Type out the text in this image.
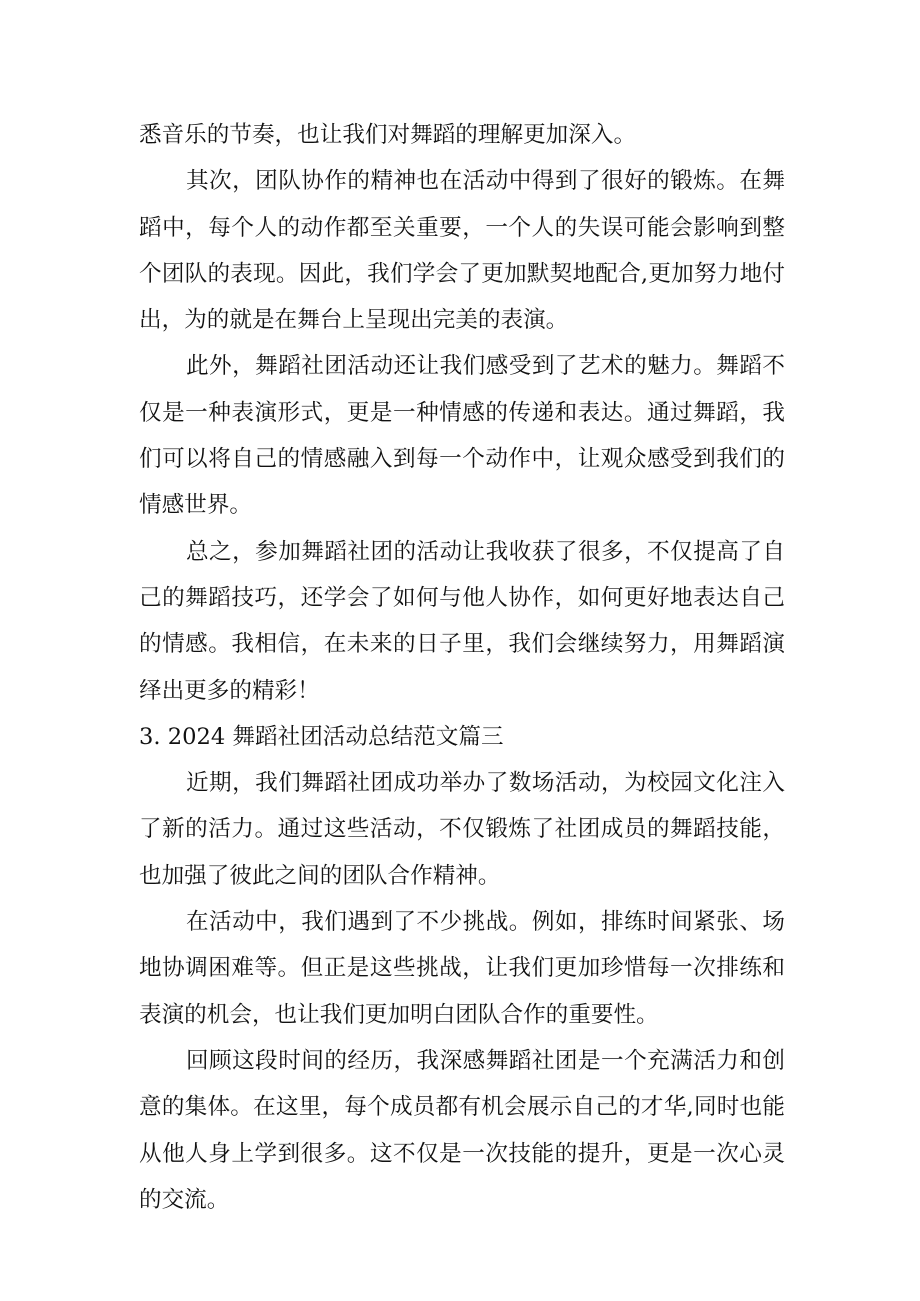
悉音乐的节奏，也让我们对舞蹈的理解更加深入。

其次，团队协作的精神也在活动中得到了很好的锻炼。在舞蹈中，每个人的动作都至关重要，一个人的失误可能会影响到整个团队的表现。因此，我们学会了更加默契地配合,更加努力地付出，为的就是在舞台上呈现出完美的表演。

此外，舞蹈社团活动还让我们感受到了艺术的魅力。舞蹈不仅是一种表演形式，更是一种情感的传递和表达。通过舞蹈，我们可以将自己的情感融入到每一个动作中，让观众感受到我们的情感世界。

总之，参加舞蹈社团的活动让我收获了很多，不仅提高了自己的舞蹈技巧，还学会了如何与他人协作，如何更好地表达自己的情感。我相信，在未来的日子里，我们会继续努力，用舞蹈演绎出更多的精彩！

3. 2024 舞蹈社团活动总结范文篇三

近期，我们舞蹈社团成功举办了数场活动，为校园文化注入了新的活力。通过这些活动，不仅锻炼了社团成员的舞蹈技能，也加强了彼此之间的团队合作精神。

在活动中，我们遇到了不少挑战。例如，排练时间紧张、场地协调困难等。但正是这些挑战，让我们更加珍惜每一次排练和表演的机会，也让我们更加明白团队合作的重要性。

回顾这段时间的经历，我深感舞蹈社团是一个充满活力和创意的集体。在这里，每个成员都有机会展示自己的才华,同时也能从他人身上学到很多。这不仅是一次技能的提升，更是一次心灵的交流。
